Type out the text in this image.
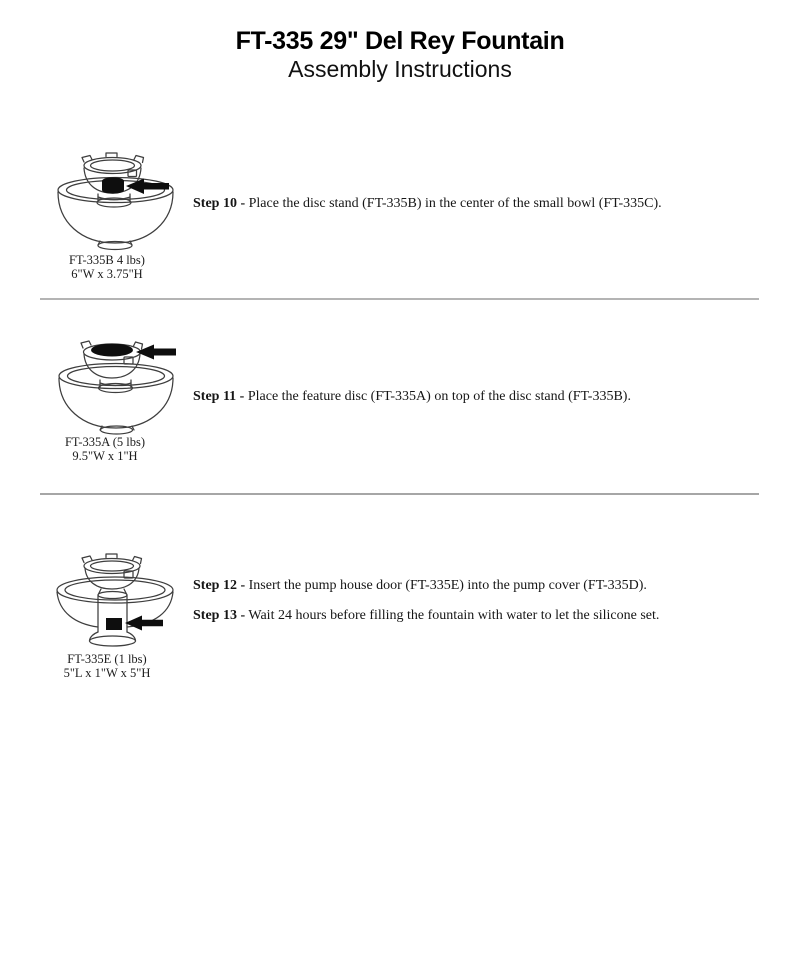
FT-335 29" Del Rey Fountain
Assembly Instructions
FT-335B 4 lbs)
6"W x 3.75"H

Step 10 - Place the disc stand (FT-335B) in the center of the small bowl (FT-335C).

FT-335A (5 lbs)
9.5"W x 1"H

Step 11 - Place the feature disc (FT-335A) on top of the disc stand (FT-335B).

FT-335E (1 lbs)
5"L x 1"W x 5"H

Step 12 - Insert the pump house door (FT-335E) into the pump cover (FT-335D).

Step 13 - Wait 24 hours before filling the fountain with water to let the silicone set.
